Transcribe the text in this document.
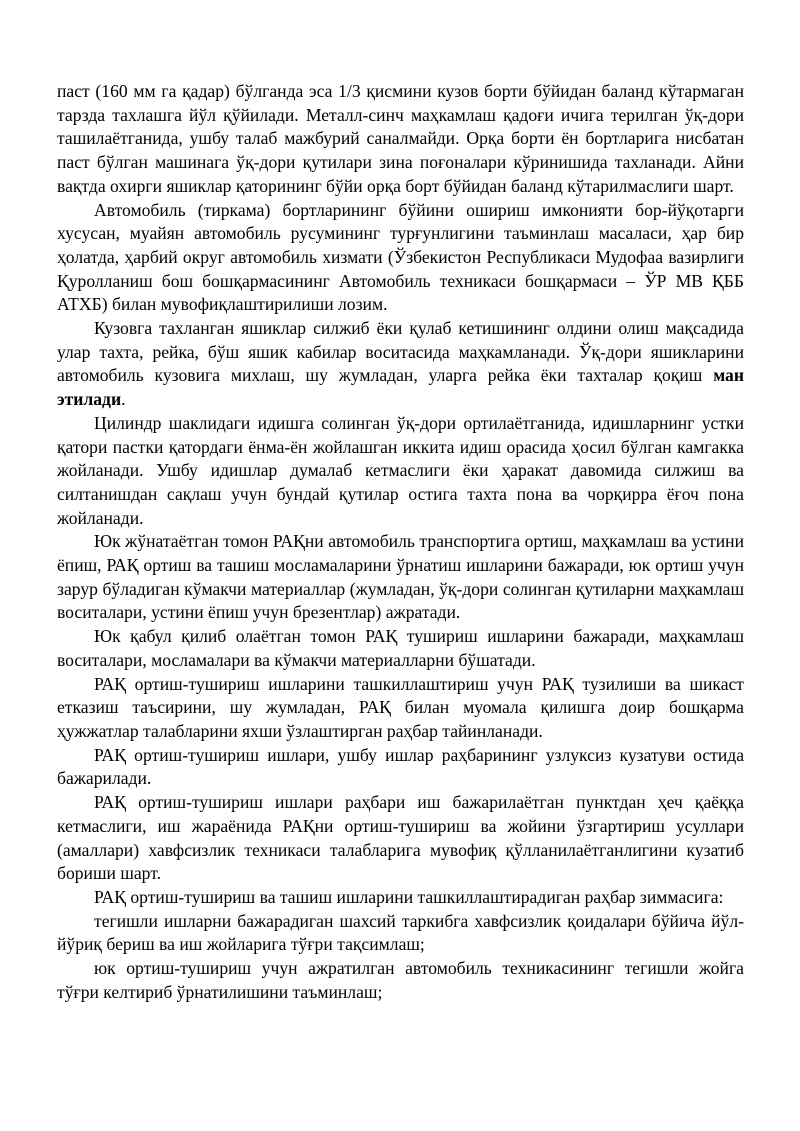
паст (160 мм га қадар) бўлганда эса 1/3 қисмини кузов борти бўйидан баланд кўтармаган тарзда тахлашга йўл қўйилади. Металл-синч маҳкамлаш қадоғи ичига терилган ўқ-дори ташилаётганида, ушбу талаб мажбурий саналмайди. Орқа борти ён бортларига нисбатан паст бўлган машинага ўқ-дори қутилари зина поғоналари кўринишида тахланади. Айни вақтда охирги яшиклар қаторининг бўйи орқа борт бўйидан баланд кўтарилмаслиги шарт.

Автомобиль (тиркама) бортларининг бўйини ошириш имконияти бор-йўқотарги хусусан, муайян автомобиль русумининг турғунлигини таъминлаш масаласи, ҳар бир ҳолатда, ҳарбий округ автомобиль хизмати (Ўзбекистон Республикаси Мудофаа вазирлиги Қуролланиш бош бошқармасининг Автомобиль техникаси бошқармаси – ЎР МВ ҚББ АТХБ) билан мувофиқлаштирилиши лозим.

Кузовга тахланган яшиклар силжиб ёки қулаб кетишининг олдини олиш мақсадида улар тахта, рейка, бўш яшик кабилар воситасида маҳкамланади. Ўқ-дори яшикларини автомобиль кузовига михлаш, шу жумладан, уларга рейка ёки тахталар қоқиш ман этилади.

Цилиндр шаклидаги идишга солинган ўқ-дори ортилаётганида, идишларнинг устки қатори пастки қатордаги ёнма-ён жойлашган иккита идиш орасида ҳосил бўлган камгакка жойланади. Ушбу идишлар думалаб кетмаслиги ёки ҳаракат давомида силжиш ва силтанишдан сақлаш учун бундай қутилар остига тахта пона ва чорқирра ёғоч пона жойланади.

Юк жўнатаётган томон РАҚни автомобиль транспортига ортиш, маҳкамлаш ва устини ёпиш, РАҚ ортиш ва ташиш мосламаларини ўрнатиш ишларини бажаради, юк ортиш учун зарур бўладиган кўмакчи материаллар (жумладан, ўқ-дори солинган қутиларни маҳкамлаш воситалари, устини ёпиш учун брезентлар) ажратади.

Юк қабул қилиб олаётган томон РАҚ тушириш ишларини бажаради, маҳкамлаш воситалари, мосламалари ва кўмакчи материалларни бўшатади.

РАҚ ортиш-тушириш ишларини ташкиллаштириш учун РАҚ тузилиши ва шикаст етказиш таъсирини, шу жумладан, РАҚ билан муомала қилишга доир бошқарма ҳужжатлар талабларини яхши ўзлаштирган раҳбар тайинланади.

РАҚ ортиш-тушириш ишлари, ушбу ишлар раҳбарининг узлуксиз кузатуви остида бажарилади.

РАҚ ортиш-тушириш ишлари раҳбари иш бажарилаётган пунктдан ҳеч қаёққа кетмаслиги, иш жараёнида РАҚни ортиш-тушириш ва жойини ўзгартириш усуллари (амаллари) хавфсизлик техникаси талабларига мувофиқ қўлланилаётганлигини кузатиб бориши шарт.

РАҚ ортиш-тушириш ва ташиш ишларини ташкиллаштирадиган раҳбар зиммасига:

тегишли ишларни бажарадиган шахсий таркибга хавфсизлик қоидалари бўйича йўл-йўриқ бериш ва иш жойларига тўғри тақсимлаш;

юк ортиш-тушириш учун ажратилган автомобиль техникасининг тегишли жойга тўғри келтириб ўрнатилишини таъминлаш;
